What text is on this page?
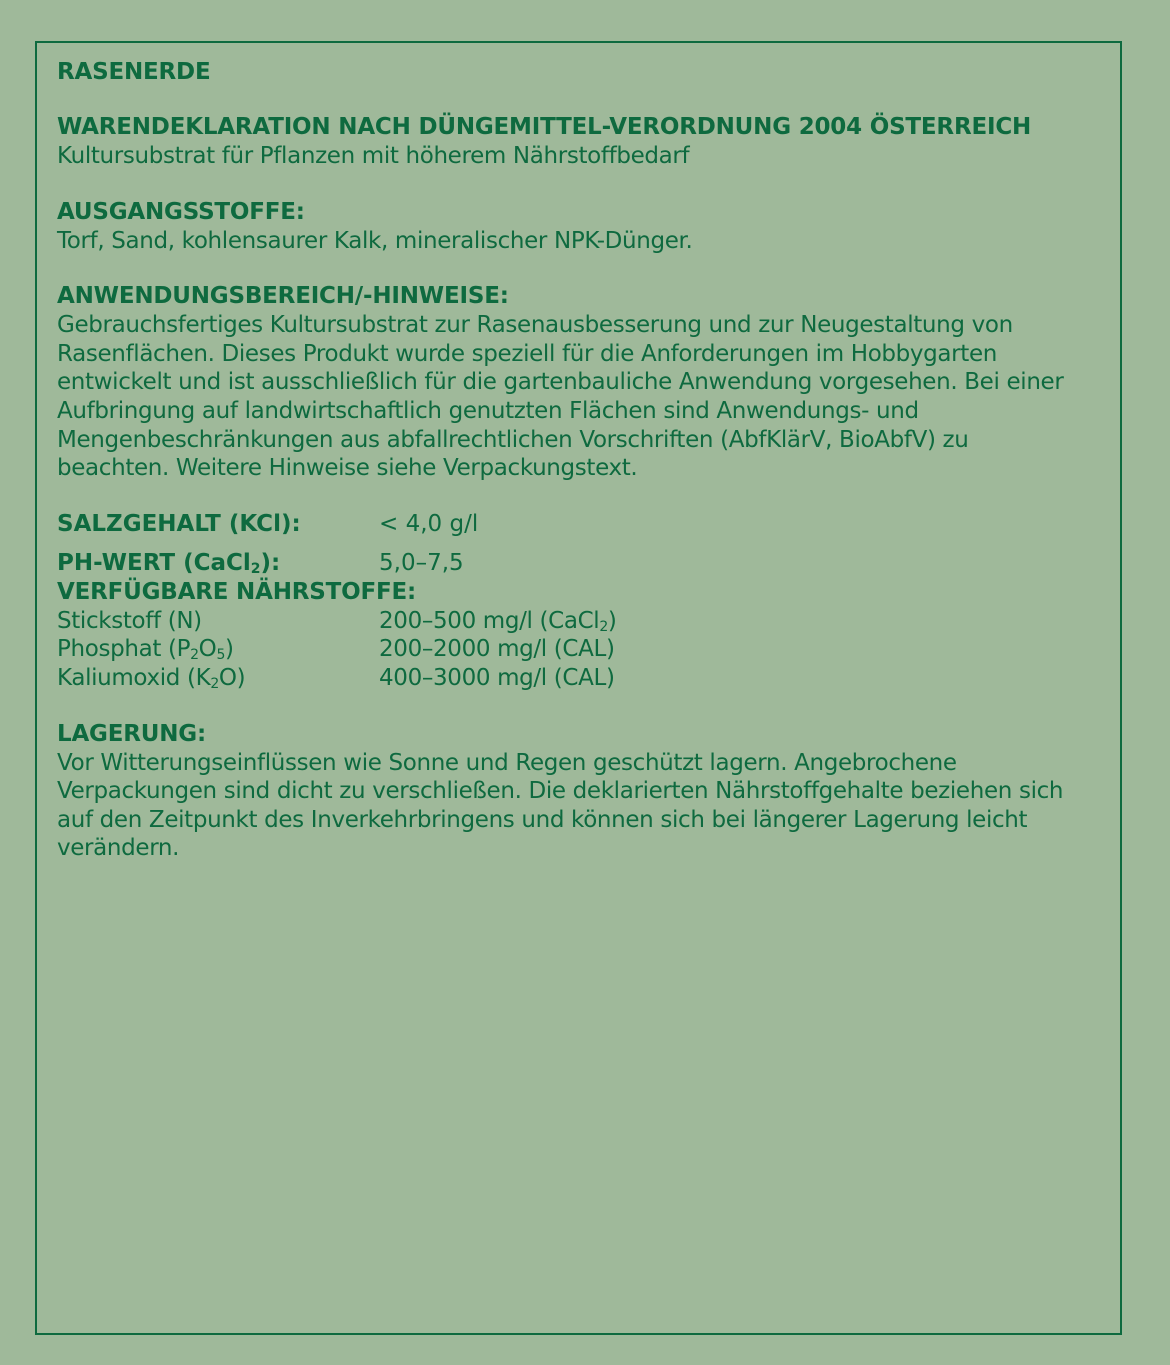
RASENERDE

WARENDEKLARATION NACH DÜNGEMITTEL-VERORDNUNG 2004 ÖSTERREICH

Kultursubstrat für Pflanzen mit höherem Nährstoffbedarf

AUSGANGSSTOFFE:

Torf, Sand, kohlensaurer Kalk, mineralischer NPK-Dünger.

ANWENDUNGSBEREICH/-HINWEISE:

Gebrauchsfertiges Kultursubstrat zur Rasenausbesserung und zur Neugestaltung von

Rasenflächen. Dieses Produkt wurde speziell für die Anforderungen im Hobbygarten

entwickelt und ist ausschließlich für die gartenbauliche Anwendung vorgesehen. Bei einer

Aufbringung auf landwirtschaftlich genutzten Flächen sind Anwendungs- und

Mengenbeschränkungen aus abfallrechtlichen Vorschriften (AbfKlärV, BioAbfV) zu

beachten. Weitere Hinweise siehe Verpackungstext.

SALZGEHALT (KCl):	< 4,0 g/l
PH-WERT (CaCl$_2$):	5,0–7,5

VERFÜGBARE NÄHRSTOFFE:

Stickstoff (N)	200–500 mg/l (CaCl$_2$)
Phosphat $(P_2O_5)$	200–2000 mg/l (CAL)
Kaliumoxid $(K_2O)$	400–3000 mg/l (CAL)

LAGERUNG:

Vor Witterungseinflüssen wie Sonne und Regen geschützt lagern. Angebrochene

Verpackungen sind dicht zu verschließen. Die deklarierten Nährstoffgehalte beziehen sich

auf den Zeitpunkt des Inverkehrbringens und können sich bei längerer Lagerung leicht

verändern.
